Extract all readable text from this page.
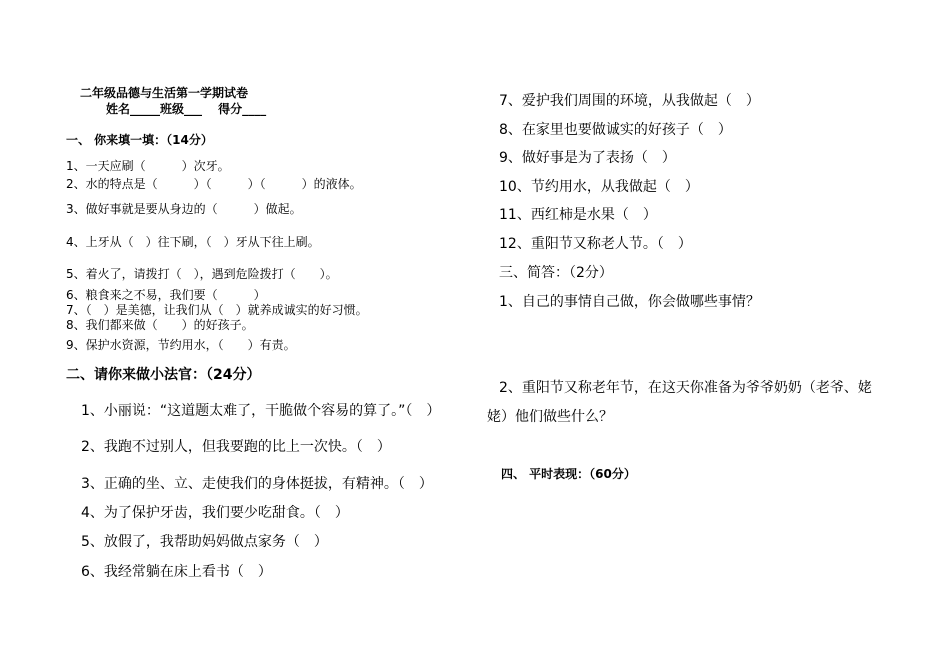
二年级品德与生活第一学期试卷
姓名_____班级___　 得分____
一、 你来填一填：（14分）
1、一天应刷（　　　）次牙。
2、水的特点是（　　　）（　　　）（　　　）的液体。
3、做好事就是要从身边的（　　　）做起。
4、上牙从（　）往下刷，（　）牙从下往上刷。
5、着火了，请拨打（　），遇到危险拨打（　　）。
6、粮食来之不易，我们要（　　　）
7、（　）是美德，让我们从（　）就养成诚实的好习惯。
8、我们都来做（　　）的好孩子。
9、保护水资源，节约用水，（　　）有责。
二、请你来做小法官：（24分）
1、小丽说：“这道题太难了，干脆做个容易的算了。”（　）
2、我跑不过别人，但我要跑的比上一次快。（　）
3、正确的坐、立、走使我们的身体挺拔，有精神。（　）
4、为了保护牙齿，我们要少吃甜食。（　）
5、放假了，我帮助妈妈做点家务（　）
6、我经常躺在床上看书（　）
7、爱护我们周围的环境，从我做起（　）
8、在家里也要做诚实的好孩子（　）
9、做好事是为了表扬（　）
10、节约用水，从我做起（　）
11、西红柿是水果（　）
12、重阳节又称老人节。（　）
三、简答：（2分）
1、自己的事情自己做，你会做哪些事情？
2、重阳节又称老年节，在这天你准备为爷爷奶奶（老爷、姥
姥）他们做些什么？
四、 平时表现：（60分）
